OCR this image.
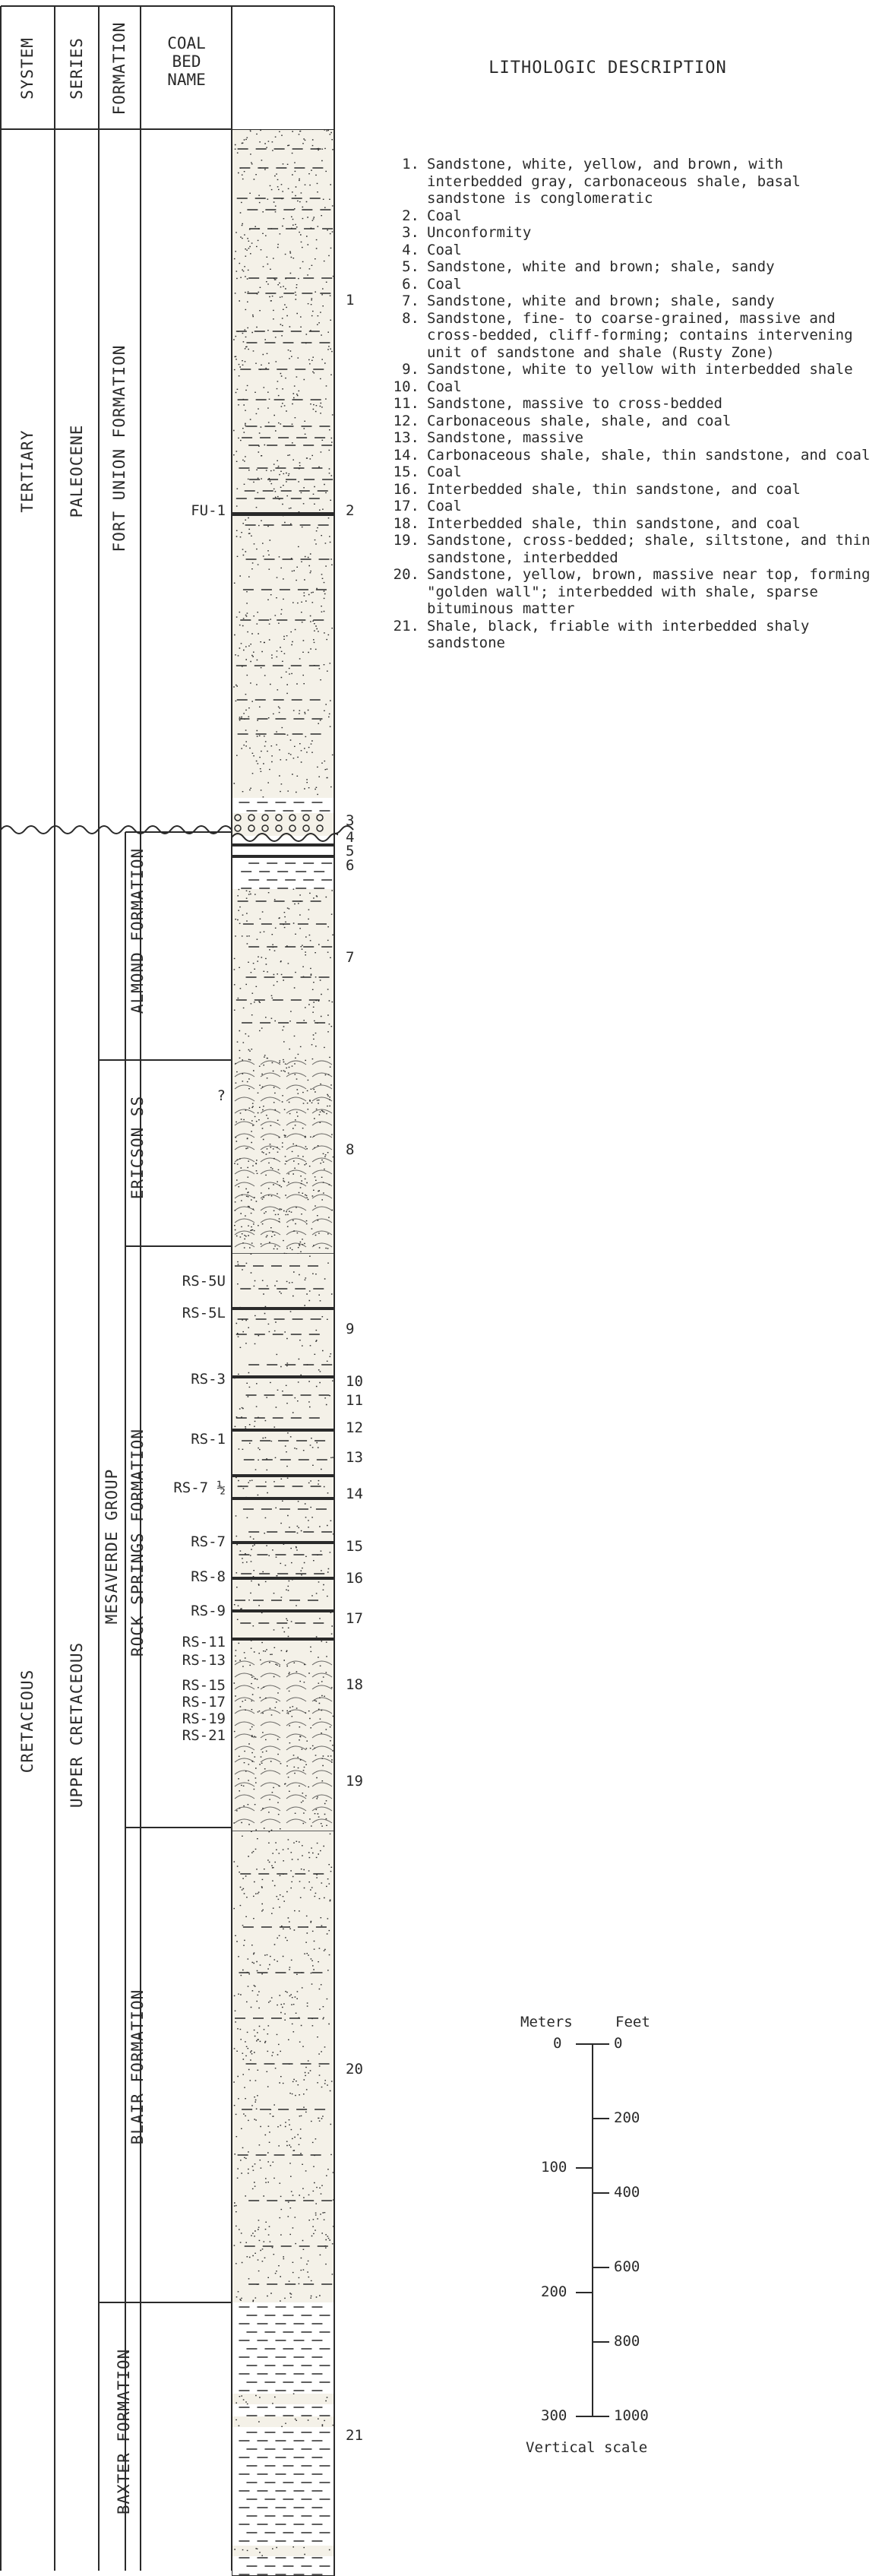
SYSTEM SERIES FORMATION	COAL
BED
NAME
LITHOLOGIC DESCRIPTION
TERTIARY
CRETACEOUS
PALEOCENE
UPPER CRETACEOUS
MESAVERDE GROUP
FORT UNION FORMATION
ALMOND FORMATION
ERICSON SS
ROCK SPRINGS FORMATION
BLAIR FORMATION
BAXTER FORMATION
FU-1
?
RS-5U
RS-5L
RS-3
RS-1
RS-7 ½
RS-7
RS-8
RS-9
RS-11
RS-13
RS-15
RS-17
RS-19
RS-21
1
2
3
4
5
6
7
8
9
10
11
12
13
14
15
16
17
18
19
20
21
1. Sandstone, white, yellow, and brown, with interbedded gray, carbonaceous shale, basal sandstone is conglomeratic
2. Coal
3. Unconformity
4. Coal
5. Sandstone, white and brown; shale, sandy
6. Coal
7. Sandstone, white and brown; shale, sandy
8. Sandstone, fine- to coarse-grained, massive and cross-bedded, cliff-forming; contains intervening unit of sandstone and shale (Rusty Zone)
9. Sandstone, white to yellow with interbedded shale
10. Coal
11. Sandstone, massive to cross-bedded
12. Carbonaceous shale, shale, and coal
13. Sandstone, massive
14. Carbonaceous shale, shale, thin sandstone, and coal
15. Coal
16. Interbedded shale, thin sandstone, and coal
17. Coal
18. Interbedded shale, thin sandstone, and coal
19. Sandstone, cross-bedded; shale, siltstone, and thin sandstone, interbedded
20. Sandstone, yellow, brown, massive near top, forming "golden wall"; interbedded with shale, sparse bituminous matter
21. Shale, black, friable with interbedded shaly sandstone
Meters	Feet
0
100
200
300
0
200
400
600
800
1000
Vertical scale
